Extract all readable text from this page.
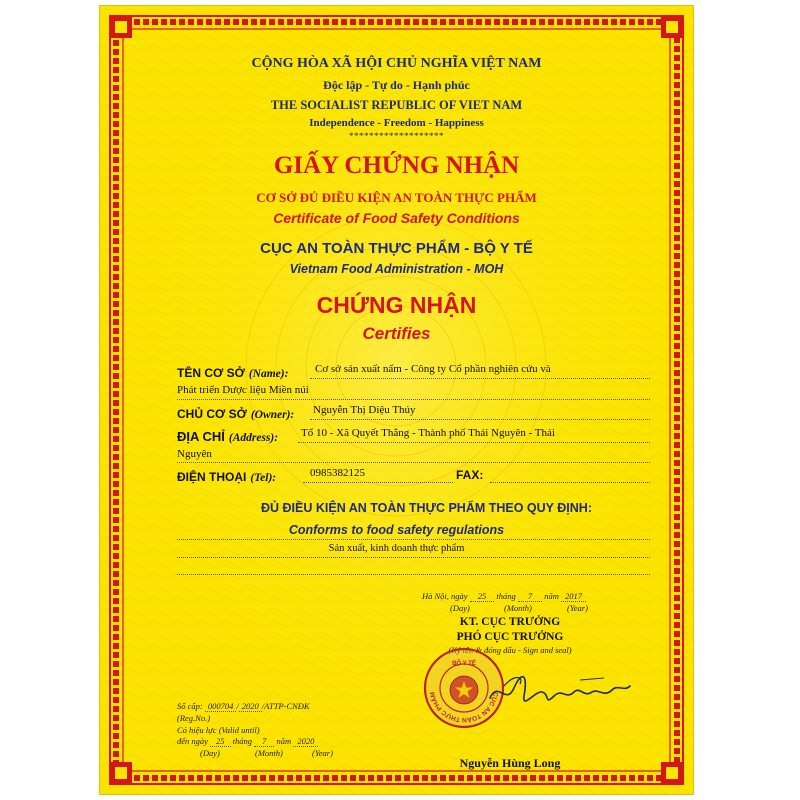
CỘNG HÒA XÃ HỘI CHỦ NGHĨA VIỆT NAM
Độc lập - Tự do - Hạnh phúc
THE SOCIALIST REPUBLIC OF VIET NAM
Independence - Freedom - Happiness
*******************
GIẤY CHỨNG NHẬN
CƠ SỞ ĐỦ ĐIỀU KIỆN AN TOÀN THỰC PHẨM
Certificate of Food Safety Conditions
CỤC AN TOÀN THỰC PHẨM - BỘ Y TẾ
Vietnam Food Administration - MOH
CHỨNG NHẬN
Certifies
TÊN CƠ SỞ (Name): Cơ sở sản xuất nấm - Công ty Cổ phần nghiên cứu và
Phát triển Dược liệu Miền núi
CHỦ CƠ SỞ (Owner): Nguyễn Thị Diệu Thúy
ĐỊA CHỈ (Address): Tổ 10 - Xã Quyết Thắng - Thành phố Thái Nguyên - Thái
Nguyên
ĐIỆN THOẠI (Tel):	0985382125	FAX:
ĐỦ ĐIỀU KIỆN AN TOÀN THỰC PHẨM THEO QUY ĐỊNH:
Conforms to food safety regulations
Sản xuất, kinh doanh thực phẩm
Hà Nội, ngày 25 tháng 7 năm 2017
(Day)	(Month)	(Year)
KT. CỤC TRƯỞNG
PHÓ CỤC TRƯỞNG
(Ký tên & đóng dấu - Sign and seal)
CỤC AN TOÀN THỰC PHẨM
BỘ Y TẾ
Nguyễn Hùng Long
Số cấp: 000704 / 2020 /ATTP-CNĐK
(Reg.No.)
Có hiệu lực (Valid until)
đến ngày 25 tháng 7 năm 2020
(Day)	(Month)	(Year)
